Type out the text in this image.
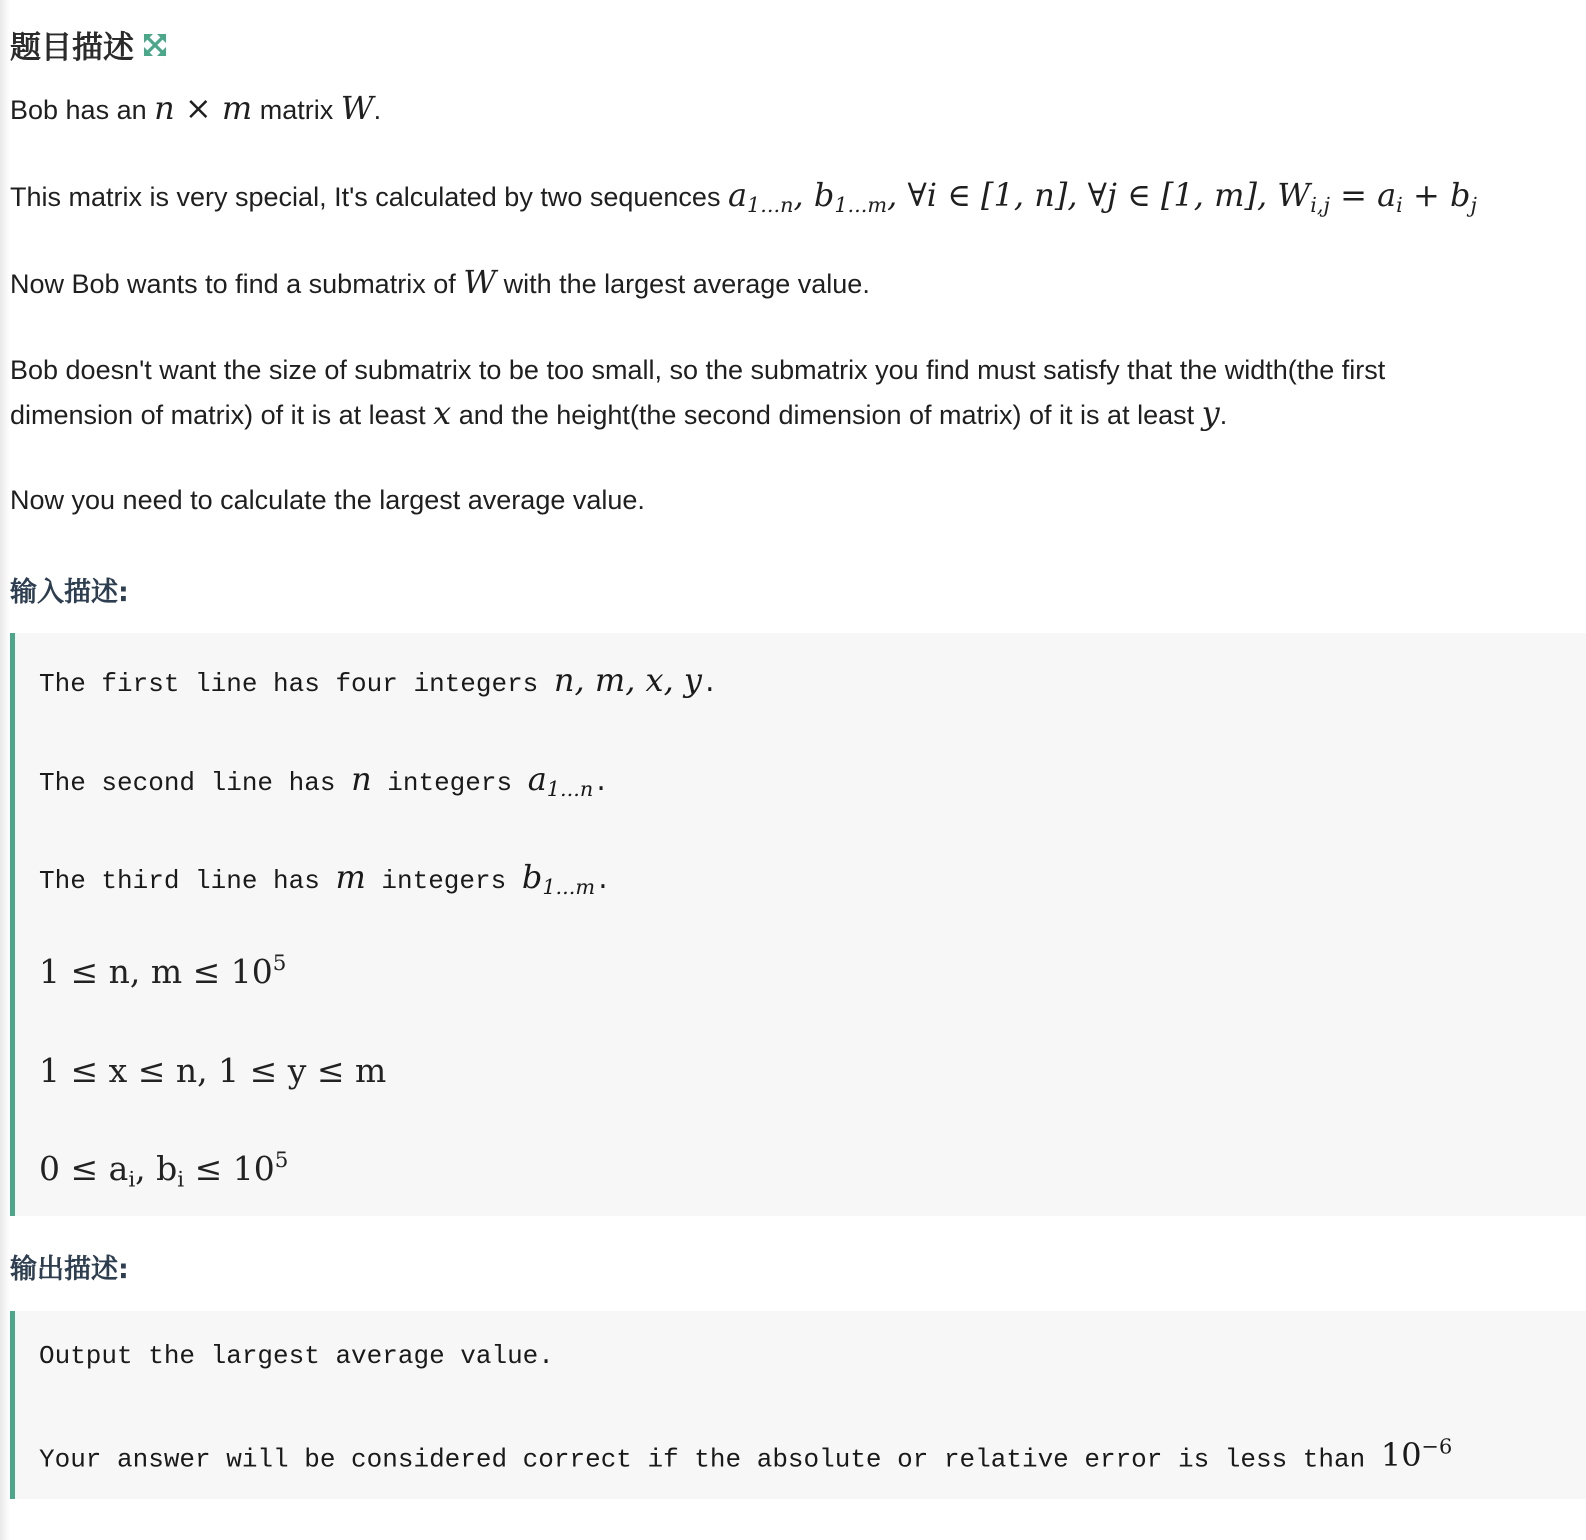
题目描述
Bob has an n × m matrix W.
This matrix is very special, It's calculated by two sequences $a_{1...n}$, $b_{1...m}$, ∀i ∈ [1, n], ∀j ∈ [1, m], $W_{i,j} = a_i + b_j$
Now Bob wants to find a submatrix of W with the largest average value.
Bob doesn't want the size of submatrix to be too small, so the submatrix you find must satisfy that the width(the first
dimension of matrix) of it is at least x and the height(the second dimension of matrix) of it is at least y.
Now you need to calculate the largest average value.
输入描述:
The first line has four integers n, m, x, y.
The second line has n integers $a_{1...n}$.
The third line has m integers $b_{1...m}$.
1 ≤ n, $m \le 10^5$
1 ≤ x ≤ n, 1 ≤ y ≤ m
$0 \le a_i$, $b_i \le 10^5$
输出描述:
Output the largest average value.
Your answer will be considered correct if the absolute or relative error is less than $10^{-6}$
